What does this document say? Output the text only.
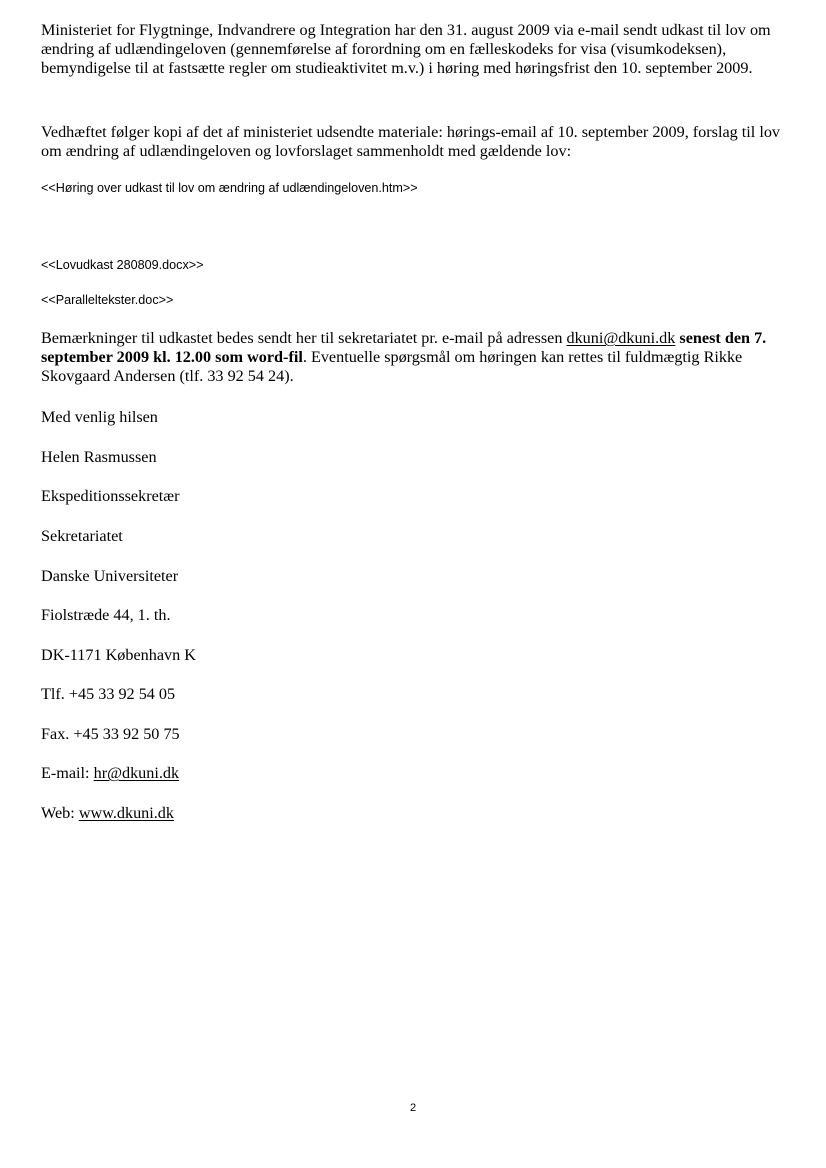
Ministeriet for Flygtninge, Indvandrere og Integration har den 31. august 2009 via e-mail sendt udkast til lov om ændring af udlændingeloven (gennemførelse af forordning om en fælleskodeks for visa (visumkodeksen), bemyndigelse til at fastsætte regler om studieaktivitet m.v.) i høring med høringsfrist den 10. september 2009.

Vedhæftet følger kopi af det af ministeriet udsendte materiale: hørings-email af 10. september 2009, forslag til lov om ændring af udlændingeloven og lovforslaget sammenholdt med gældende lov:

<<Høring over udkast til lov om ændring af udlændingeloven.htm>>

<<Lovudkast 280809.docx>>

<<Paralleltekster.doc>>

Bemærkninger til udkastet bedes sendt her til sekretariatet pr. e-mail på adressen dkuni@dkuni.dk senest den 7. september 2009 kl. 12.00 som word-fil. Eventuelle spørgsmål om høringen kan rettes til fuldmægtig Rikke Skovgaard Andersen (tlf. 33 92 54 24).

Med venlig hilsen

Helen Rasmussen

Ekspeditionssekretær

Sekretariatet

Danske Universiteter

Fiolstræde 44, 1. th.

DK-1171 København K

Tlf. +45 33 92 54 05

Fax. +45 33 92 50 75

E-mail: hr@dkuni.dk

Web: www.dkuni.dk

2
